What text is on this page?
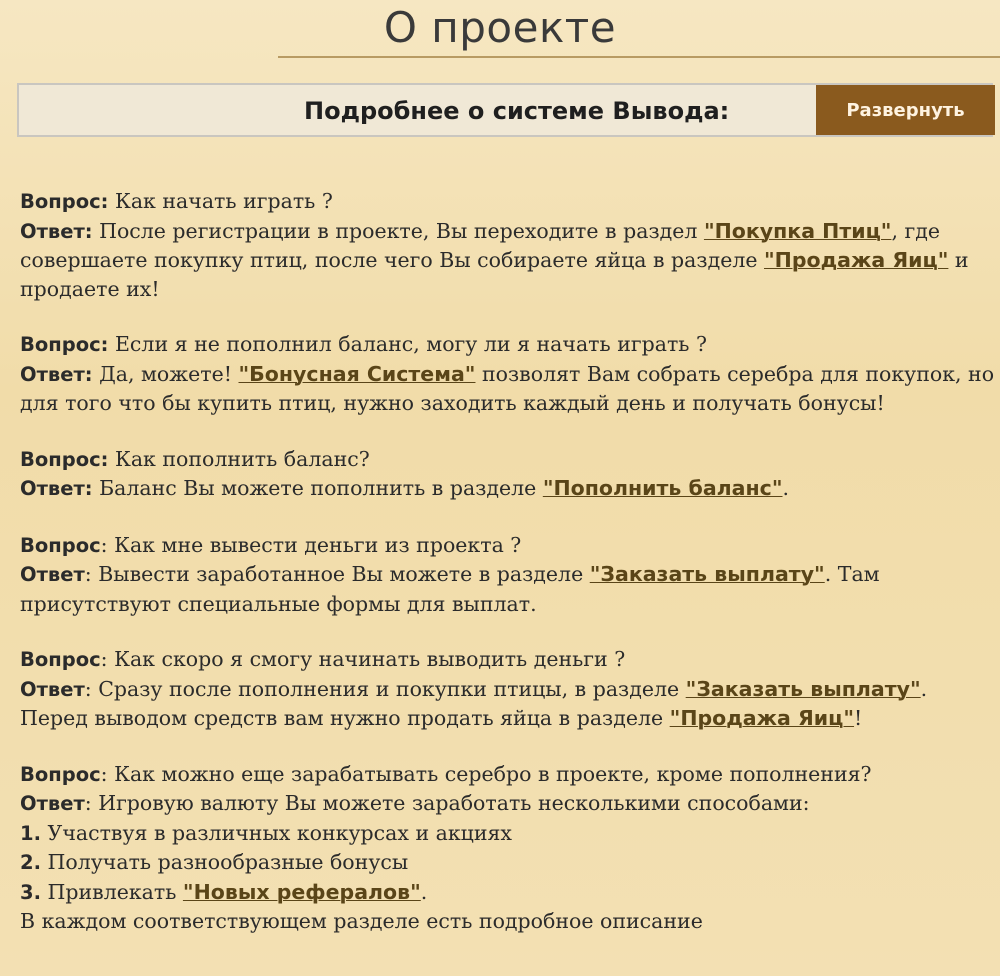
О проекте
Подробнее о системе Вывода:	Развернуть
Вопрос: Как начать играть ?
Ответ: После регистрации в проекте, Вы переходите в раздел "Покупка Птиц", где совершаете покупку птиц, после чего Вы собираете яйца в разделе "Продажа Яиц" и продаете их!
Вопрос: Если я не пополнил баланс, могу ли я начать играть ?
Ответ: Да, можете! "Бонусная Система" позволят Вам собрать серебра для покупок, но для того что бы купить птиц, нужно заходить каждый день и получать бонусы!
Вопрос: Как пополнить баланс?
Ответ: Баланс Вы можете пополнить в разделе "Пополнить баланс".
Вопрос: Как мне вывести деньги из проекта ?
Ответ: Вывести заработанное Вы можете в разделе "Заказать выплату". Там присутствуют специальные формы для выплат.
Вопрос: Как скоро я смогу начинать выводить деньги ?
Ответ: Сразу после пополнения и покупки птицы, в разделе "Заказать выплату". Перед выводом средств вам нужно продать яйца в разделе "Продажа Яиц"!
Вопрос: Как можно еще зарабатывать серебро в проекте, кроме пополнения?
Ответ: Игровую валюту Вы можете заработать несколькими способами:
1. Участвуя в различных конкурсах и акциях
2. Получать разнообразные бонусы
3. Привлекать "Новых рефералов".
В каждом соответствующем разделе есть подробное описание
